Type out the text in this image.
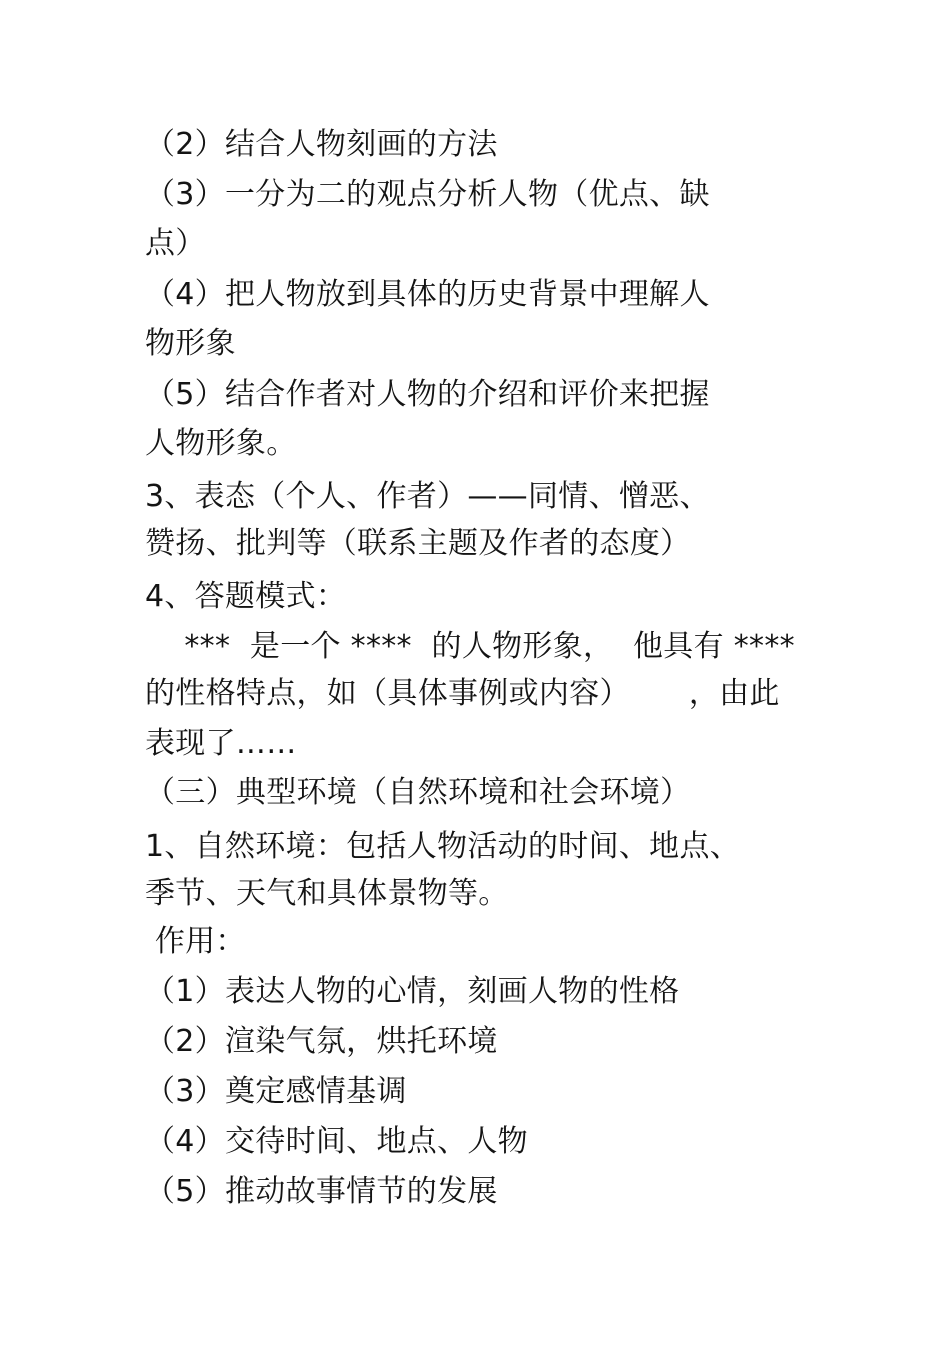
（2）结合人物刻画的方法
（3）一分为二的观点分析人物（优点、缺
点）
（4）把人物放到具体的历史背景中理解人
物形象
（5）结合作者对人物的介绍和评价来把握
人物形象。
3、表态（个人、作者）——同情、憎恶、
赞扬、批判等（联系主题及作者的态度）
4、答题模式：
***  是一个 ****  的人物形象，  他具有 ****
的性格特点，如（具体事例或内容）      ，由此
表现了……
（三）典型环境（自然环境和社会环境）
1、自然环境：包括人物活动的时间、地点、
季节、天气和具体景物等。
作用：
（1）表达人物的心情，刻画人物的性格
（2）渲染气氛，烘托环境
（3）奠定感情基调
（4）交待时间、地点、人物
（5）推动故事情节的发展
